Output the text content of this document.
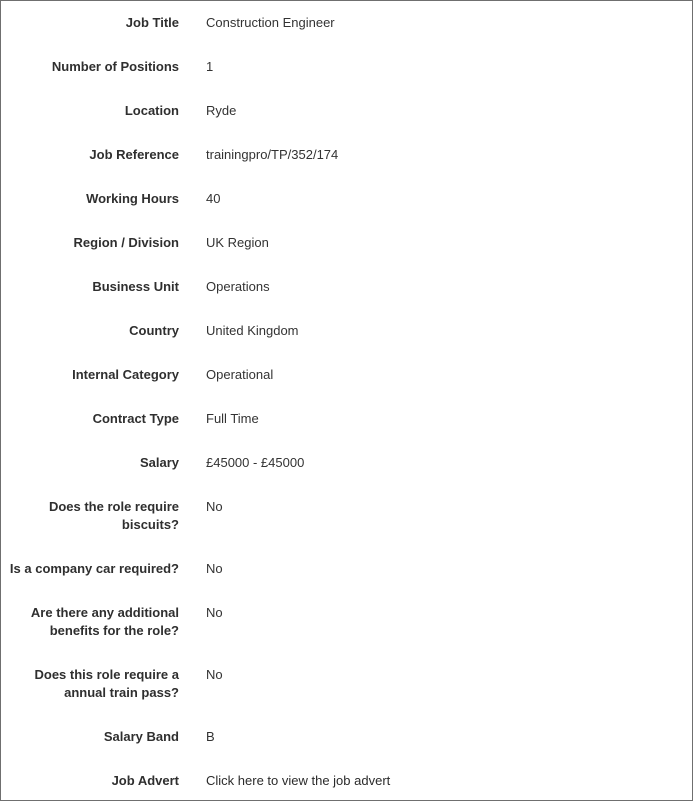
Job Title Construction Engineer
Number of Positions 1
Location Ryde
Job Reference trainingpro/TP/352/174
Working Hours 40
Region / Division UK Region
Business Unit Operations
Country United Kingdom
Internal Category Operational
Contract Type Full Time
Salary £45000 - £45000
Does the role require biscuits?
No
Is a company car required? No
Are there any additional benefits for the role?
No
Does this role require a annual train pass?
No
Salary Band B
Job Advert Click here to view the job advert
